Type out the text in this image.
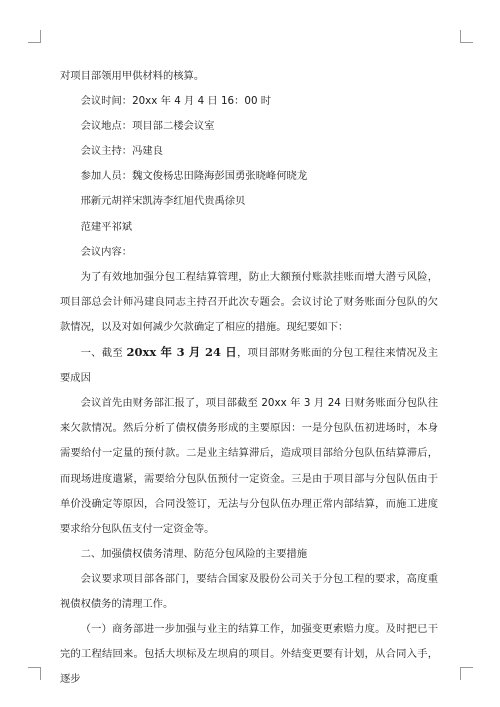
对项目部领用甲供材料的核算。

会议时间：20xx 年 4 月 4 日 16：00 时

会议地点：项目部二楼会议室

会议主持：冯建良

参加人员：魏文俊杨忠田隆海彭国勇张晓峰何晓龙

邢新元胡祥宋凯涛李红旭代贵禹徐贝

范建平祁斌

会议内容：

为了有效地加强分包工程结算管理，防止大额预付账款挂账而增大潜亏风险，项目部总会计师冯建良同志主持召开此次专题会。会议讨论了财务账面分包队的欠款情况，以及对如何减少欠款确定了相应的措施。现纪要如下：

一、截至 20xx 年 3 月 24 日，项目部财务账面的分包工程往来情况及主要成因

会议首先由财务部汇报了，项目部截至 20xx 年 3 月 24 日财务账面分包队往来欠款情况。然后分析了债权债务形成的主要原因：一是分包队伍初进场时，本身需要给付一定量的预付款。二是业主结算滞后，造成项目部给分包队伍结算滞后，而现场进度遣紧，需要给分包队伍预付一定资金。三是由于项目部与分包队伍由于单价没确定等原因，合同没签订，无法与分包队伍办理正常内部结算，而施工进度要求给分包队伍支付一定资金等。

二、加强债权债务清理、防范分包风险的主要措施

会议要求项目部各部门，要结合国家及股份公司关于分包工程的要求，高度重视债权债务的清理工作。

（一）商务部进一步加强与业主的结算工作，加强变更索赔力度。及时把已干完的工程结回来。包括大坝标及左坝肩的项目。外结变更要有计划，从合同入手，逐步
